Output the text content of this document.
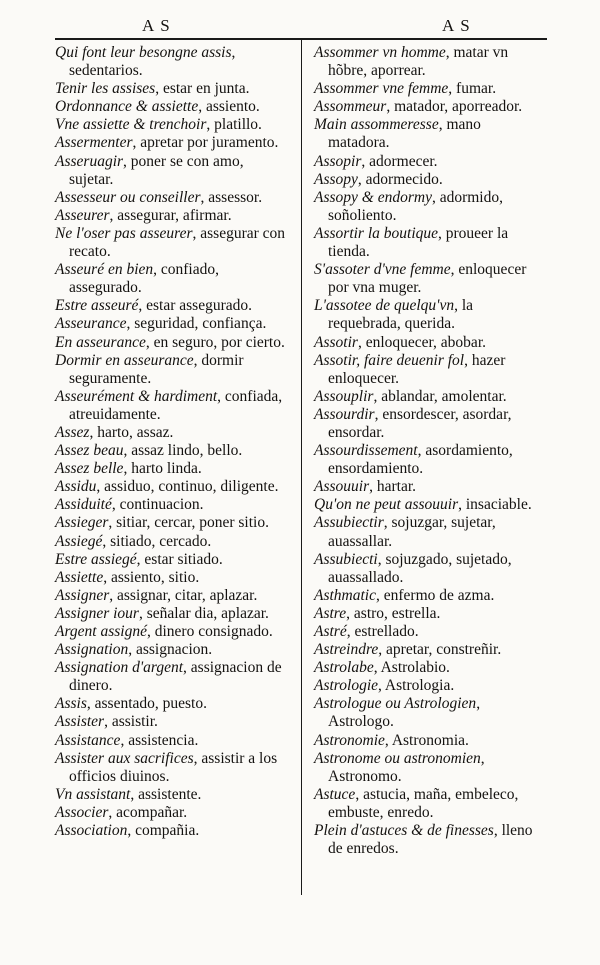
AS	AS

Qui font leur besongne assis, sedentarios.

Tenir les assises, estar en junta.

Ordonnance & assiette, assiento.

Vne assiette & trenchoir, platillo.

Assermenter, apretar por juramento.

Asseruagir, poner se con amo, sujetar.

Assesseur ou conseiller, assessor.

Asseurer, assegurar, afirmar.

Ne l'oser pas asseurer, assegurar con recato.

Asseuré en bien, confiado, assegurado.

Estre asseuré, estar assegurado.

Asseurance, seguridad, confiança.

En asseurance, en seguro, por cierto.

Dormir en asseurance, dormir seguramente.

Asseurément & hardiment, confiada, atreuidamente.

Assez, harto, assaz.

Assez beau, assaz lindo, bello.

Assez belle, harto linda.

Assidu, assiduo, continuo, diligente.

Assiduité, continuacion.

Assieger, sitiar, cercar, poner sitio.

Assiegé, sitiado, cercado.

Estre assiegé, estar sitiado.

Assiette, assiento, sitio.

Assigner, assignar, citar, aplazar.

Assigner iour, señalar dia, aplazar.

Argent assigné, dinero consignado.

Assignation, assignacion.

Assignation d'argent, assignacion de dinero.

Assis, assentado, puesto.

Assister, assistir.

Assistance, assistencia.

Assister aux sacrifices, assistir a los officios diuinos.

Vn assistant, assistente.

Associer, acompañar.

Association, compañia.

Assommer vn homme, matar vn hõbre, aporrear.

Assommer vne femme, fumar.

Assommeur, matador, aporreador.

Main assommeresse, mano matadora.

Assopir, adormecer.

Assopy, adormecido.

Assopy & endormy, adormido, soñoliento.

Assortir la boutique, proueer la tienda.

S'assoter d'vne femme, enloquecer por vna muger.

L'assotee de quelqu'vn, la requebrada, querida.

Assotir, enloquecer, abobar.

Assotir, faire deuenir fol, hazer enloquecer.

Assouplir, ablandar, amolentar.

Assourdir, ensordescer, asordar, ensordar.

Assourdissement, asordamiento, ensordamiento.

Assouuir, hartar.

Qu'on ne peut assouuir, insaciable.

Assubiectir, sojuzgar, sujetar, auassallar.

Assubiecti, sojuzgado, sujetado, auassallado.

Asthmatic, enfermo de azma.

Astre, astro, estrella.

Astré, estrellado.

Astreindre, apretar, constreñir.

Astrolabe, Astrolabio.

Astrologie, Astrologia.

Astrologue ou Astrologien, Astrologo.

Astronomie, Astronomia.

Astronome ou astronomien, Astronomo.

Astuce, astucia, maña, embeleco, embuste, enredo.

Plein d'astuces & de finesses, lleno de enredos.
